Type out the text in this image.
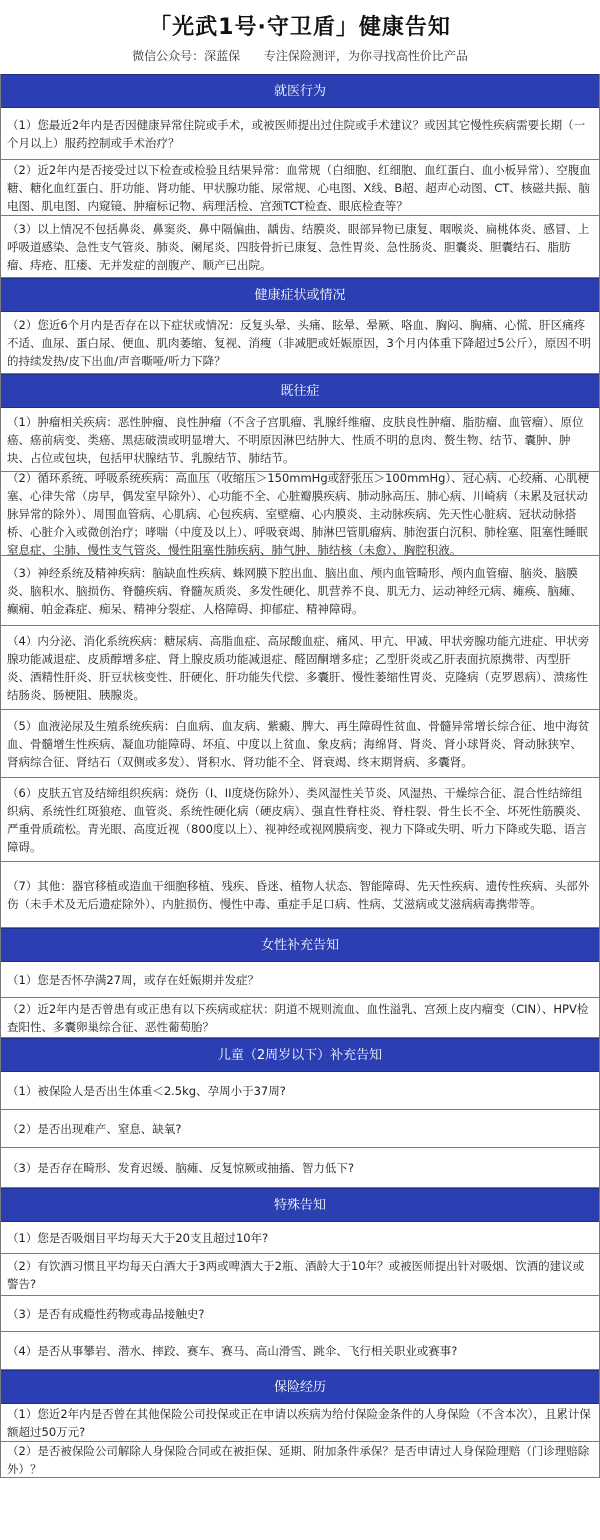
「光武1号·守卫盾」健康告知
微信公众号：深蓝保 专注保险测评，为你寻找高性价比产品
就医行为

（1）您最近2年内是否因健康异常住院或手术，或被医师提出过住院或手术建议？或因其它慢性疾病需要长期（一个月以上）服药控制或手术治疗？

（2）近2年内是否接受过以下检查或检验且结果异常：血常规（白细胞、红细胞、血红蛋白、血小板异常）、空腹血糖、糖化血红蛋白、肝功能、肾功能、甲状腺功能、尿常规、心电图、X线、B超、超声心动图、CT、核磁共振、脑电图、肌电图、内窥镜、肿瘤标记物、病理活检、宫颈TCT检查、眼底检查等？

（3）以上情况不包括鼻炎、鼻窦炎、鼻中隔偏曲、龋齿、结膜炎、眼部异物已康复、咽喉炎、扁桃体炎、感冒、上呼吸道感染、急性支气管炎、肺炎、阑尾炎、四肢骨折已康复、急性胃炎、急性肠炎、胆囊炎、胆囊结石、脂肪瘤、痔疮、肛瘘、无并发症的剖腹产、顺产已出院。

健康症状或情况

（2）您近6个月内是否存在以下症状或情况：反复头晕、头痛、眩晕、晕厥、咯血、胸闷、胸痛、心慌、肝区痛疼不适、血尿、蛋白尿、便血、肌肉萎缩、复视、消瘦（非减肥或妊娠原因，3个月内体重下降超过5公斤），原因不明的持续发热/皮下出血/声音嘶哑/听力下降？

既往症

（1）肿瘤相关疾病：恶性肿瘤、良性肿瘤（不含子宫肌瘤、乳腺纤维瘤、皮肤良性肿瘤、脂肪瘤、血管瘤）、原位癌、癌前病变、类癌、黑痣破溃或明显增大、不明原因淋巴结肿大、性质不明的息肉、赘生物、结节、囊肿、肿块、占位或包块，包括甲状腺结节、乳腺结节、肺结节。

（2）循环系统、呼吸系统疾病：高血压（收缩压＞150mmHg或舒张压＞100mmHg）、冠心病、心绞痛、心肌梗塞、心律失常（房早，偶发室早除外）、心功能不全、心脏瓣膜疾病、肺动脉高压、肺心病、川崎病（未累及冠状动脉异常的除外）、周围血管病、心肌病、心包疾病、室壁瘤、心内膜炎、主动脉疾病、先天性心脏病、冠状动脉搭桥、心脏介入或微创治疗；哮喘（中度及以上）、呼吸衰竭、肺淋巴管肌瘤病、肺泡蛋白沉积、肺栓塞、阻塞性睡眠窒息症、尘肺、慢性支气管炎、慢性阻塞性肺疾病、肺气肿、肺结核（未愈）、胸腔积液。

（3）神经系统及精神疾病：脑缺血性疾病、蛛网膜下腔出血、脑出血、颅内血管畸形、颅内血管瘤、脑炎、脑膜炎、脑积水、脑损伤、脊髓疾病、脊髓灰质炎、多发性硬化、肌营养不良、肌无力、运动神经元病、瘫痪、脑瘫、癫痫、帕金森症、痴呆、精神分裂症、人格障碍、抑郁症、精神障碍。

（4）内分泌、消化系统疾病：糖尿病、高脂血症、高尿酸血症、痛风、甲亢、甲减、甲状旁腺功能亢进症、甲状旁腺功能减退症、皮质醇增多症、肾上腺皮质功能减退症、醛固酮增多症；乙型肝炎或乙肝表面抗原携带、丙型肝炎、酒精性肝炎、肝豆状核变性、肝硬化、肝功能失代偿、多囊肝、慢性萎缩性胃炎、克隆病（克罗恩病）、溃疡性结肠炎、肠梗阻、胰腺炎。

（5）血液泌尿及生殖系统疾病：白血病、血友病、紫癜、脾大、再生障碍性贫血、骨髓异常增长综合征、地中海贫血、骨髓增生性疾病、凝血功能障碍、坏疽、中度以上贫血、象皮病；海绵肾、肾炎、肾小球肾炎、肾动脉狭窄、肾病综合征、肾结石（双侧或多发）、肾积水、肾功能不全、肾衰竭、终末期肾病、多囊肾。

（6）皮肤五官及结缔组织疾病：烧伤（I、II度烧伤除外）、类风湿性关节炎、风湿热、干燥综合征、混合性结缔组织病、系统性红斑狼疮、血管炎、系统性硬化病（硬皮病）、强直性脊柱炎、脊柱裂、骨生长不全、坏死性筋膜炎、严重骨质疏松。青光眼、高度近视（800度以上）、视神经或视网膜病变、视力下降或失明、听力下降或失聪、语言障碍。

（7）其他：器官移植或造血干细胞移植、残疾、昏迷、植物人状态、智能障碍、先天性疾病、遗传性疾病、头部外伤（未手术及无后遗症除外）、内脏损伤、慢性中毒、重症手足口病、性病、艾滋病或艾滋病病毒携带等。

女性补充告知

（1）您是否怀孕满27周，或存在妊娠期并发症？

（2）近2年内是否曾患有或正患有以下疾病或症状：阴道不规则流血、血性溢乳、宫颈上皮内瘤变（CIN）、HPV检查阳性、多囊卵巢综合征、恶性葡萄胎？

儿童（2周岁以下）补充告知

（1）被保险人是否出生体重＜2.5kg、孕周小于37周?

（2）是否出现难产、窒息、缺氧?

（3）是否存在畸形、发育迟缓、脑瘫、反复惊厥或抽搐、智力低下?

特殊告知

（1）您是否吸烟目平均每天大于20支且超过10年?

（2）有饮酒习惯且平均每天白酒大于3两或啤酒大于2瓶、酒龄大于10年？或被医师提出针对吸烟、饮酒的建议或警告?

（3）是否有成瘾性药物或毒品接触史?

（4）是否从事攀岩、潜水、摔跤、赛车、赛马、高山滑雪、跳伞、飞行相关职业或赛事?

保险经历

（1）您近2年内是否曾在其他保险公司投保或正在申请以疾病为给付保险金条件的人身保险（不含本次），且累计保额超过50万元?

（2）是否被保险公司解除人身保险合同或在被拒保、延期、附加条件承保？是否申请过人身保险理赔（门诊理赔除外）？
